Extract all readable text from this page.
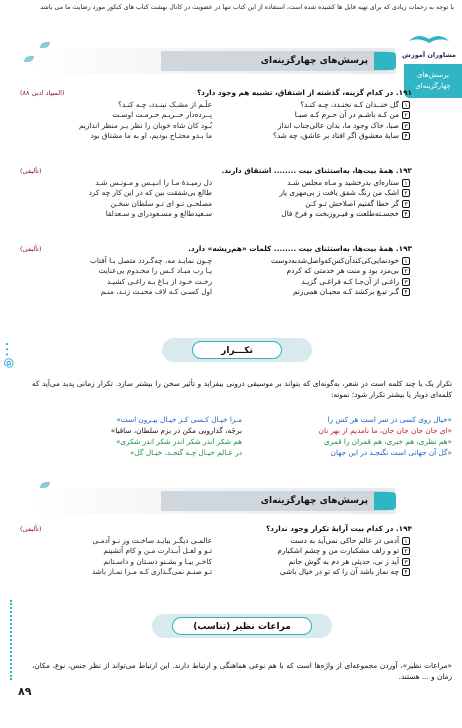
با توجه به زحمات زیادی که برای تهیه فایل ها کشیده شده است، استفاده از این کتاب تنها در عضویت در کانال بهشت کتاب های کنکور مورد رضایت ما می باشد
مشاوران آموزش
پرسش‌های چهارگزینه‌ای
@...
پرسش‌های چهارگزینه‌ای
۱۹۱. در کدام گزینه، گذشته از اشتقاق، تشبیه هم وجود دارد؟
(المپیاد ادبی ۸۸)
۱گل خنــدان کـه نخنـدد، چـه کنـد؟
۲من کـه باشـم در آن حـرم کـه صبـا
۳صبا، خاک وجود ما، بدان عالی‌جناب انداز
۴سایهٔ معشوق اگر افتاد بر عاشق، چه شد؟
علَـم از مشـک نبنـدد، چـه کنـد؟
پــرده‌دار حــریـم حـرمـت اوسـت
بُـود کان شاه خوبان را نظر بـر منظر اندازیم
ما بـدو محتـاج بودیم، او به ما مشتاق بود
۱۹۲. همهٔ بیت‌ها، به‌استثنای بیت ........ اشتقاق دارند.
(تألیفی)
۱ستاره‌ای بدرخشید و مـاه مجلس شـد
۲اشک من رنگ شفق یافت ز بی‌مهری یار
۳گر خطا گفتیم اصلاحش تـو کـن
۴خجسـته‌طلعت و فیـروزبخت و فرخ فال
دل رمیـدهٔ مـا را انـیـس و مـونـس شـد
طالع بی‌شفقت بین که در این کار چه کرد
مصلحـی تـو ای تـو سلطان سخـن
سـعیدطالع و مسـعودرای و سـعدلقا
۱۹۳. همهٔ بیت‌ها، به‌استثنای بیت ........ کلمات «هم‌ریشه» دارد.
(تألیفی)
۱خودنمایی‌کی‌کند‌آن‌کس‌که‌واصل‌شد‌به‌دوست
۲بی‌مزد بود و منت هر خدمتی که کردم
۳راغـی از آن‌جـا کـه فراغـی گزیـد
۴گـر تیـغ برکشد کـه محبـان همی‌زنم
چـون نمایـد مه، چه‌گـردد متصل بـا آفتاب
یـا رب مبـاد کـس را مخـدوم بی‌عنایت
رخـت خـود از بـاغ بـه راغـی کشیـد
اول کسـی کـه لاف محبـت زنـد، منـم
تکـــرار
تکرار یک یا چند کلمه است در شعر، به‌گونه‌ای که بتواند بر موسیقی درونی بیفزاید و تأثیر سخن را بیشتر سازد. تکرار زمانی پدید می‌آید که کلمه‌ای دوبار یا بیشتر تکرار شود؛ نمونه:
«خیال روی کسی در سر است هر کس را
«ای جان جان جان جان، ما نامدیم از بهر نان
«هم نظری، هم خبری، هم قمران را قمری
«گل آن جهانی است نگنجـد در این جهان
مـرا خیـال کـسی کـز خیـال بیـرون است»
برجَه، گدارویی مکن در بزم سلطان، ساقیا»
هم شکر اندر شکر اندر شکر اندر شکری»
در عـالم خیـال چـه گنجـد، خیـال گل»
پرسش‌های چهارگزینه‌ای
۱۹۴. در کدام بیت آرایهٔ تکرار وجود ندارد؟
(تألیفی)
۱آدمی در عالم خاکی نمی‌آید به دست
۲تو و زلف مشکبارت من و چشم اشکبارم
۳آید ز نی، حدیثی هر دم به گوش جانم
۴چه نماز باشد آن را که تو در خیال باشی
عالمـی دیگـر ببایـد ساخـت وز نـو آدمـی
تـو و لعـل آبـدارت مـن و کام آتشینم
کاخـر بیـا و بشـنو دسـتان و داسـتانم
تـو صنـم نمی‌گـذاری کـه مـرا نمـاز باشد
مراعات نظیر (تناسب)
«مراعات نظیر»، آوردن مجموعه‌ای از واژه‌ها است که با هم نوعی هماهنگی و ارتباط دارند. این ارتباط می‌تواند از نظر جنس، نوع، مکان، زمان و ... هستند.
۸۹
